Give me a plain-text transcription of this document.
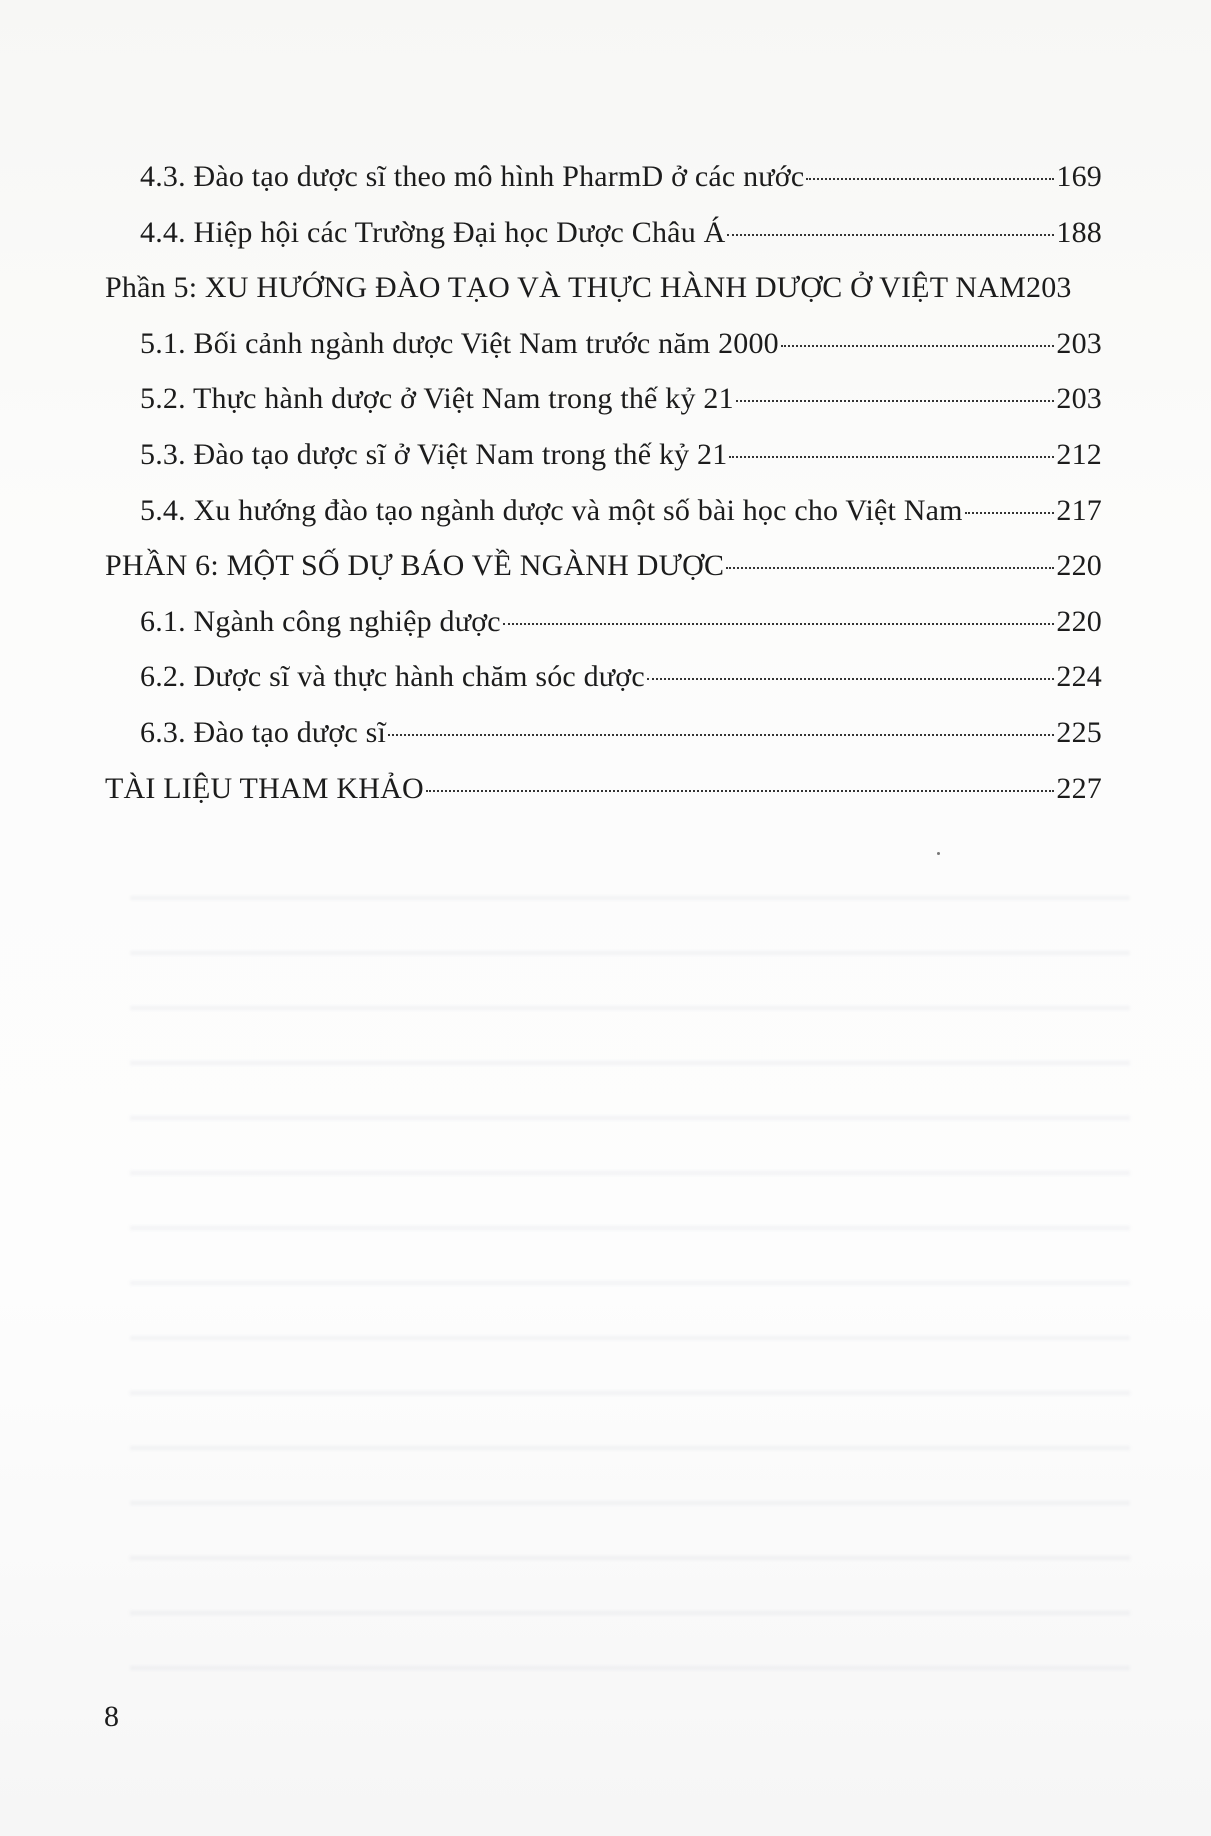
4.3. Đào tạo dược sĩ theo mô hình PharmD ở các nước	169
4.4. Hiệp hội các Trường Đại học Dược Châu Á	188
Phần 5: XU HƯỚNG ĐÀO TẠO VÀ THỰC HÀNH DƯỢC Ở VIỆT NAM 203
5.1. Bối cảnh ngành dược Việt Nam trước năm 2000	203
5.2. Thực hành dược ở Việt Nam trong thế kỷ 21	203
5.3. Đào tạo dược sĩ ở Việt Nam trong thế kỷ 21	212
5.4. Xu hướng đào tạo ngành dược và một số bài học cho Việt Nam	217
PHẦN 6: MỘT SỐ DỰ BÁO VỀ NGÀNH DƯỢC	220
6.1. Ngành công nghiệp dược	220
6.2. Dược sĩ và thực hành chăm sóc dược	224
6.3. Đào tạo dược sĩ	225
TÀI LIỆU THAM KHẢO	227
8
